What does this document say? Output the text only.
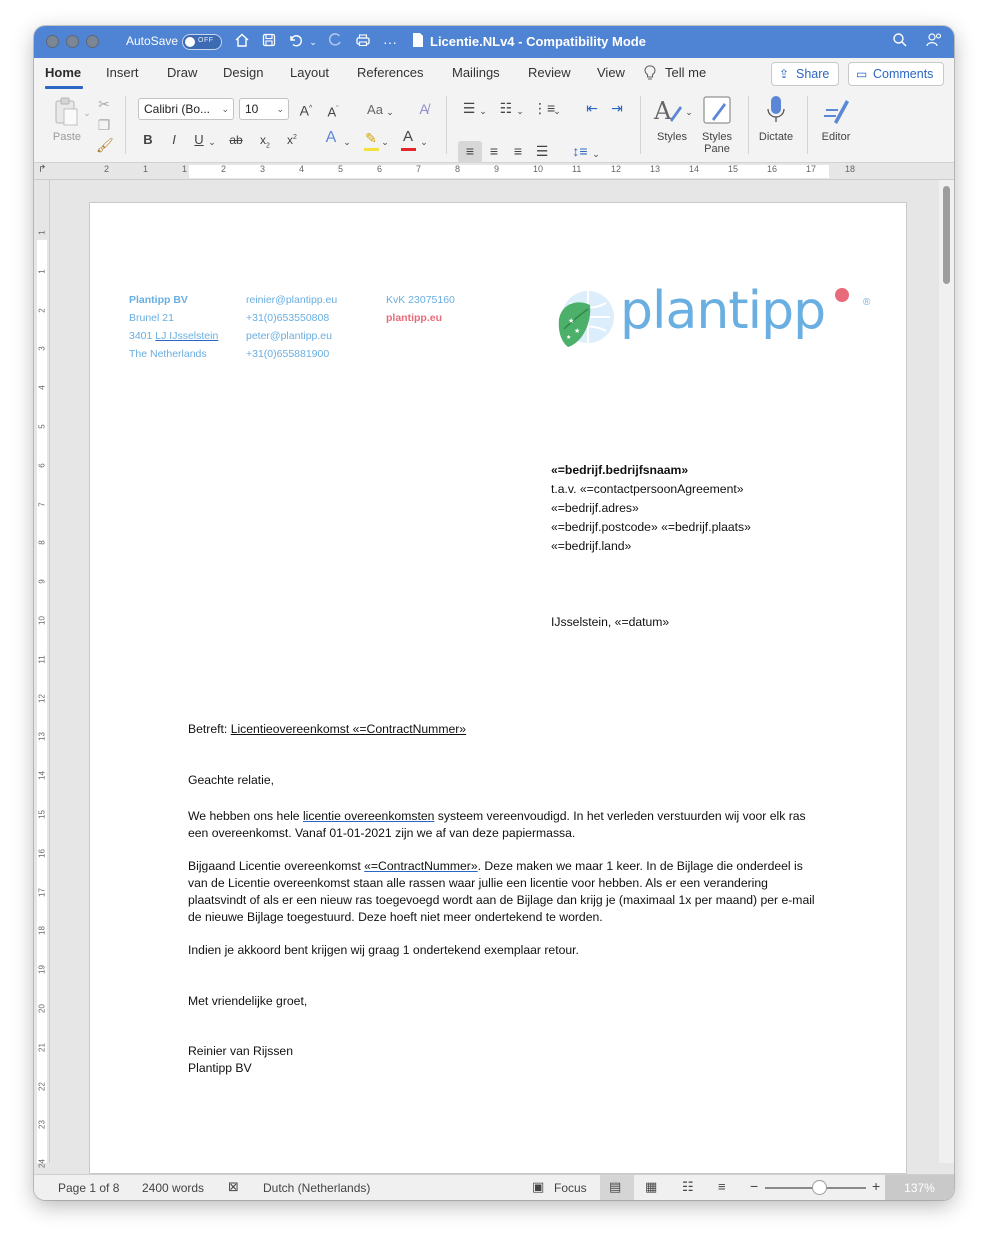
AutoSave	OFF	⌄	···	Licentie.NLv4 - Compatibility Mode
Home Insert Draw Design Layout References Mailings Review View	Tell me	⇪ Share	▭ Comments
⌄
Paste
✂
❐
🖌
Calibri (Bo... ⌄	10 ⌄ A^ $A^ˇ$ Aa ⌄	A̸
B	I	U ⌄ ab	$x_2$	$x^2$ A ⌄ ✎ ⌄ A ⌄
☰ ⌄ ☷ ⌄ ⋮≡
⌄ ⇤ ⇥
≡	≡	≡ ☰ ↕≡ ⌄
A ⌄
Styles	Styles
Pane
Dictate	Editor
↱	2	1	1	2	3	4	5	6	7	8	9	10	11	12	13	14	15	16	17	18
1
1
2
3
4
5
6
7
8
9
10
11
12
13
14
15
16
17
18
19
20
21
22
23
24
Plantipp BV
Brunel 21
3401 LJ IJsselstein
The Netherlands
reinier@plantipp.eu
+31(0)653550808
peter@plantipp.eu
+31(0)655881900
KvK 23075160
plantipp.eu	★
★
★ plantipp	®
«=bedrijf.bedrijfsnaam»
t.a.v. «=contactpersoonAgreement»
«=bedrijf.adres»
«=bedrijf.postcode» «=bedrijf.plaats»
«=bedrijf.land»
IJsselstein, «=datum»
Betreft: Licentieovereenkomst «=ContractNummer»
Geachte relatie,
We hebben ons hele licentie overeenkomsten systeem vereenvoudigd. In het verleden verstuurden wij voor elk ras
een overeenkomst. Vanaf 01-01-2021 zijn we af van deze papiermassa.
Bijgaand Licentie overeenkomst «=ContractNummer». Deze maken we maar 1 keer. In de Bijlage die onderdeel is
van de Licentie overeenkomst staan alle rassen waar jullie een licentie voor hebben. Als er een verandering
plaatsvindt of als er een nieuw ras toegevoegd wordt aan de Bijlage dan krijg je (maximaal 1x per maand) per e-mail
de nieuwe Bijlage toegestuurd. Deze hoeft niet meer ondertekend te worden.
Indien je akkoord bent krijgen wij graag 1 ondertekend exemplaar retour.
Met vriendelijke groet,
Reinier van Rijssen
Plantipp BV
Page 1 of 8 2400 words ⊠ Dutch (Netherlands)	▣ Focus ▤ ▦ ☷ ≡ −	+	137%
